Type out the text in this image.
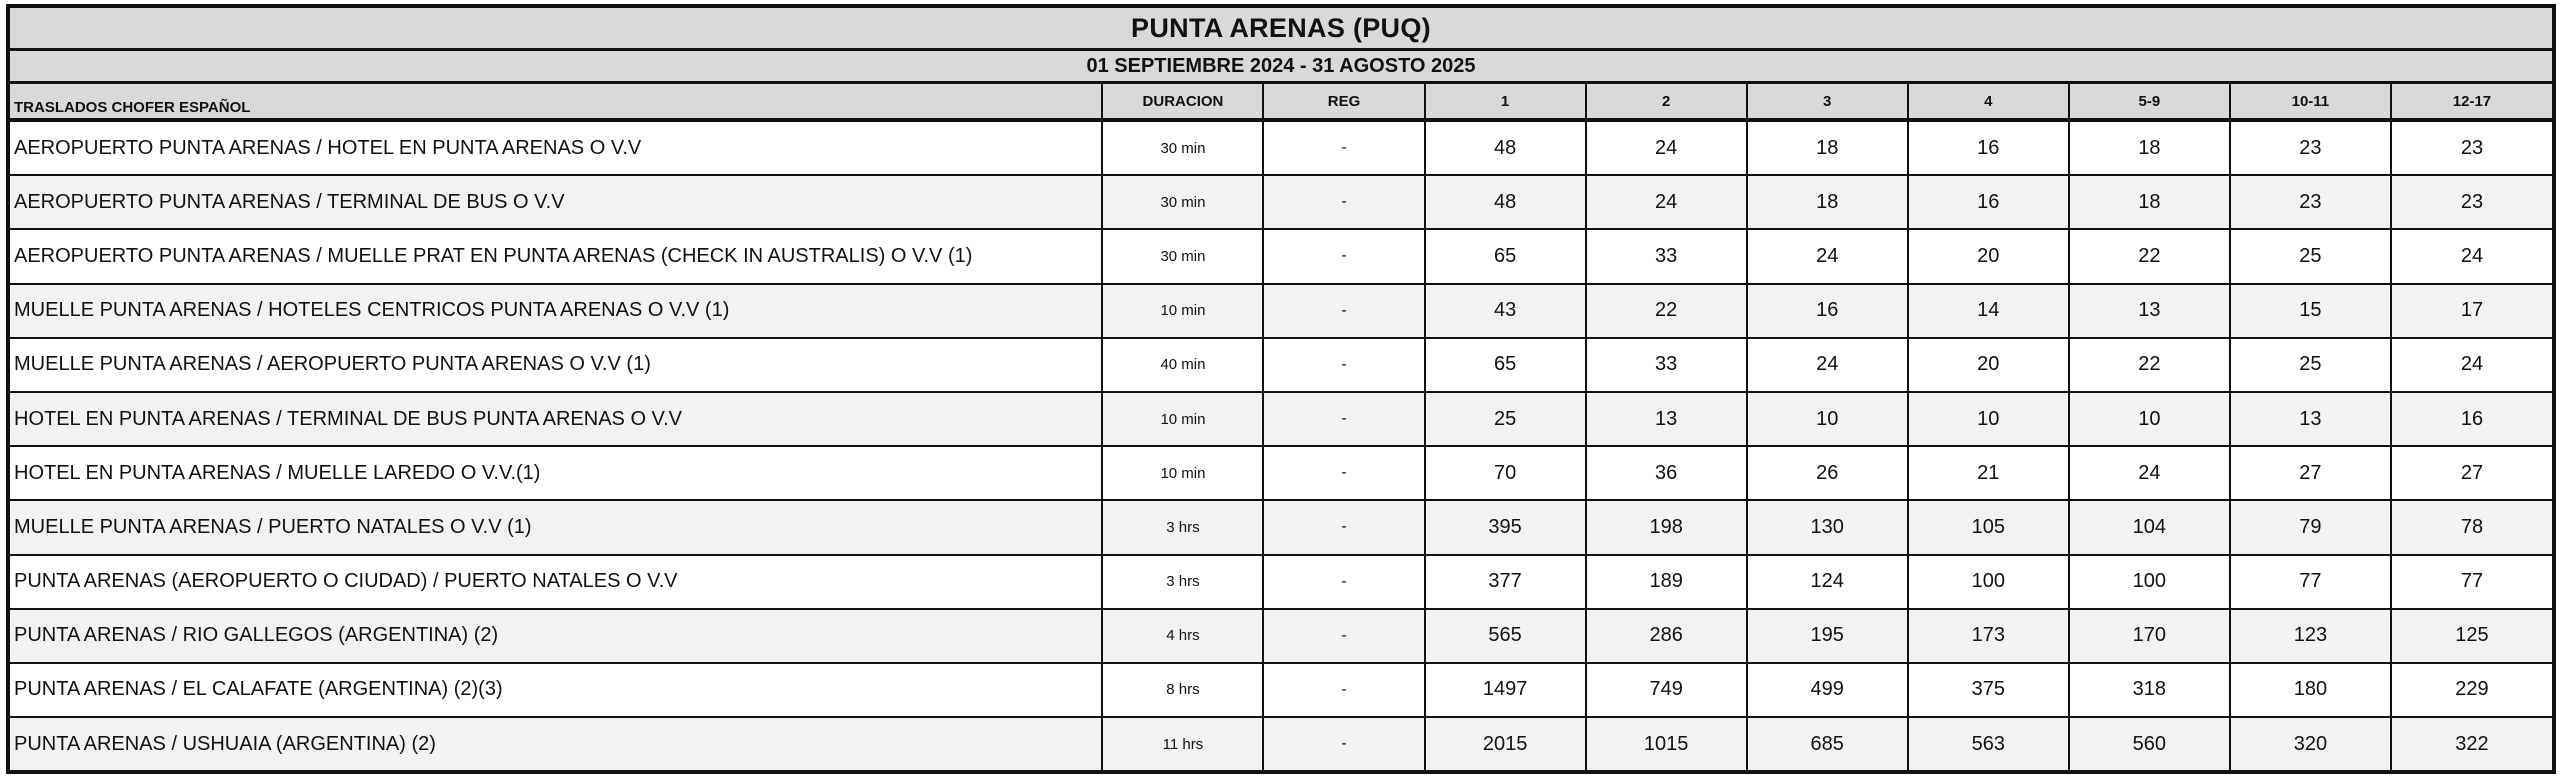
PUNTA ARENAS (PUQ)
01 SEPTIEMBRE 2024 - 31 AGOSTO 2025
TRASLADOS CHOFER ESPAÑOL	DURACION	REG	1	2	3	4	5-9	10-11	12-17
AEROPUERTO PUNTA ARENAS / HOTEL EN PUNTA ARENAS O V.V	30 min	-	48	24	18	16	18	23	23
AEROPUERTO PUNTA ARENAS / TERMINAL DE BUS O V.V	30 min	-	48	24	18	16	18	23	23
AEROPUERTO PUNTA ARENAS / MUELLE PRAT EN PUNTA ARENAS (CHECK IN AUSTRALIS) O V.V (1)	30 min	-	65	33	24	20	22	25	24
MUELLE PUNTA ARENAS / HOTELES CENTRICOS PUNTA ARENAS O V.V (1)	10 min	-	43	22	16	14	13	15	17
MUELLE PUNTA ARENAS / AEROPUERTO PUNTA ARENAS O V.V (1)	40 min	-	65	33	24	20	22	25	24
HOTEL EN PUNTA ARENAS / TERMINAL DE BUS PUNTA ARENAS O V.V	10 min	-	25	13	10	10	10	13	16
HOTEL EN PUNTA ARENAS / MUELLE LAREDO O V.V.(1)	10 min	-	70	36	26	21	24	27	27
MUELLE PUNTA ARENAS / PUERTO NATALES O V.V (1)	3 hrs	-	395	198	130	105	104	79	78
PUNTA ARENAS (AEROPUERTO O CIUDAD) / PUERTO NATALES O V.V	3 hrs	-	377	189	124	100	100	77	77
PUNTA ARENAS / RIO GALLEGOS (ARGENTINA) (2)	4 hrs	-	565	286	195	173	170	123	125
PUNTA ARENAS / EL CALAFATE (ARGENTINA) (2)(3)	8 hrs	-	1497	749	499	375	318	180	229
PUNTA ARENAS / USHUAIA (ARGENTINA) (2)	11 hrs	-	2015	1015	685	563	560	320	322
